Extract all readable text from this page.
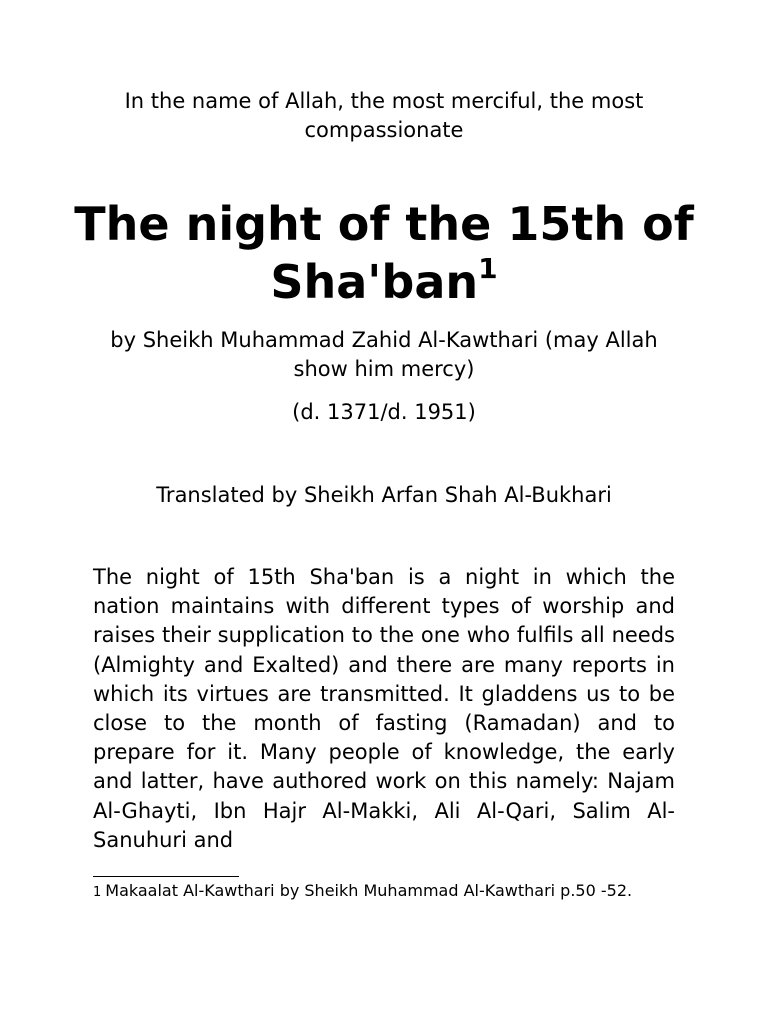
In the name of Allah, the most merciful, the most compassionate
The night of the 15th of Sha'ban$^1$
by Sheikh Muhammad Zahid Al-Kawthari (may Allah show him mercy)
(d. 1371/d. 1951)
Translated by Sheikh Arfan Shah Al-Bukhari

The night of 15th Sha'ban is a night in which the nation maintains with different types of worship and raises their supplication to the one who fulfils all needs (Almighty and Exalted) and there are many reports in which its virtues are transmitted. It gladdens us to be close to the month of fasting (Ramadan) and to prepare for it. Many people of knowledge, the early and latter, have authored work on this namely: Najam Al-Ghayti, Ibn Hajr Al-Makki, Ali Al-Qari, Salim Al-Sanuhuri and

1 Makaalat Al-Kawthari by Sheikh Muhammad Al-Kawthari p.50 -52.
